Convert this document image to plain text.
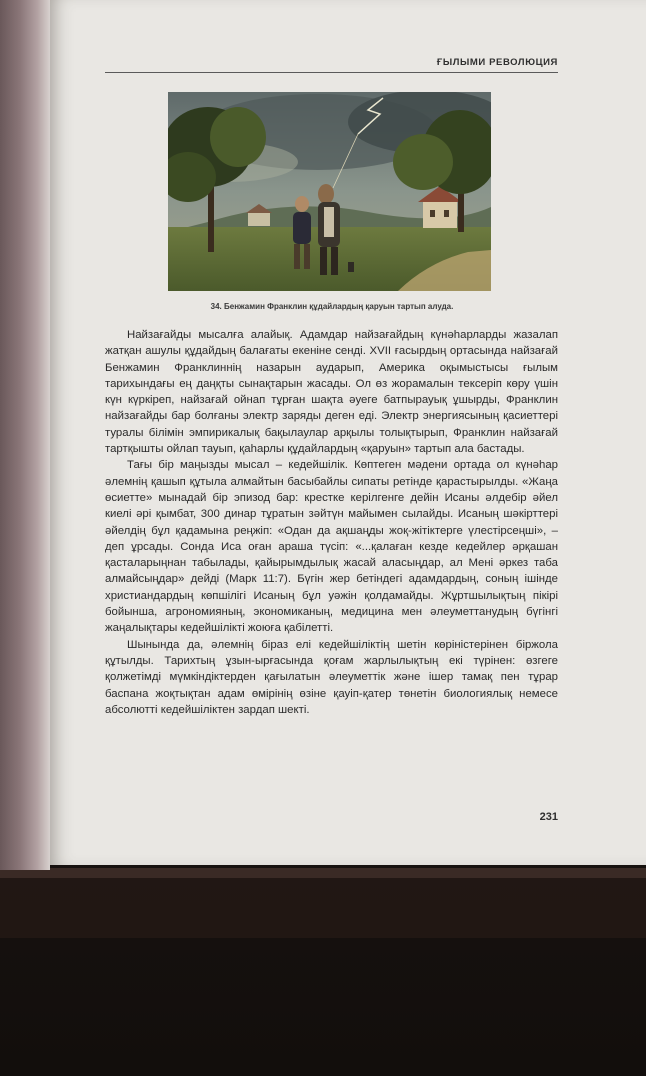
ҒЫЛЫМИ РЕВОЛЮЦИЯ
34. Бенжамин Франклин құдайлардың қаруын тартып алуда.

Найзағайды мысалға алайық. Адамдар найзағайдың күнәһарларды жазалап жатқан ашулы құдайдың балағаты екеніне сенді. XVII ғасырдың ортасында найзағай Бенжамин Франклиннің назарын аударып, Америка оқымыстысы ғылым тарихындағы ең даңқты сынақтарын жасады. Ол өз жорамалын тексеріп көру үшін күн күркіреп, найзағай ойнап тұрған шақта әуеге батпырауық ұшырды, Франклин найзағайды бар болғаны электр заряды деген еді. Электр энергиясының қасиеттері туралы білімін эмпирикалық бақылаулар арқылы толықтырып, Франклин найзағай тартқышты ойлап тауып, қаһарлы құдайлардың «қаруын» тартып ала бастады.

Тағы бір маңызды мысал – кедейшілік. Көптеген мәдени ортада ол күнәһар әлемнің қашып құтыла алмайтын басыбайлы сипаты ретінде қарастырылды. «Жаңа өсиетте» мынадай бір эпизод бар: крестке керілгенге дейін Исаны әлдебір әйел киелі әрі қымбат, 300 динар тұратын зәйтүн майымен сылайды. Исаның шәкірттері әйелдің бұл қадамына реңжіп: «Одан да ақшаңды жоқ-жітіктерге үлестірсеңші», – деп ұрсады. Сонда Иса оған араша түсіп: «...қалаған кезде кедейлер әрқашан қасталарыңнан табылады, қайырымдылық жасай аласыңдар, ал Мені әркез таба алмайсыңдар» дейді (Марк 11:7). Бүгін жер бетіндегі адамдардың, соның ішінде христиандардың көпшілігі Исаның бұл уәжін қолдамайды. Жұртшылықтың пікірі бойынша, агрономияның, экономиканың, медицина мен әлеуметтанудың бүгінгі жаңалықтары кедейшілікті жоюға қабілетті.

Шынында да, әлемнің біраз елі кедейшіліктің шетін көріністерінен біржола құтылды. Тарихтың ұзын-ырғасында қоғам жарлылықтың екі түрінен: өзгеге қолжетімді мүмкіндіктерден қағылатын әлеуметтік және ішер тамақ пен тұрар баспана жоқтықтан адам өмірінің өзіне қауіп-қатер төнетін биологиялық немесе абсолютті кедейшіліктен зардап шекті.

231
